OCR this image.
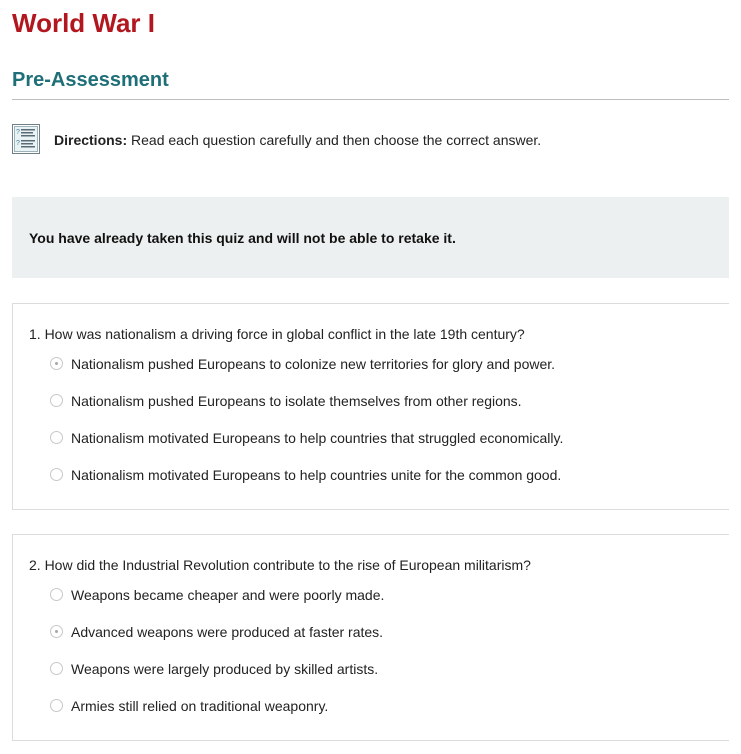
World War I
Pre-Assessment
?
? Directions: Read each question carefully and then choose the correct answer.
You have already taken this quiz and will not be able to retake it.
1. How was nationalism a driving force in global conflict in the late 19th century?
Nationalism pushed Europeans to colonize new territories for glory and power.
Nationalism pushed Europeans to isolate themselves from other regions.
Nationalism motivated Europeans to help countries that struggled economically.
Nationalism motivated Europeans to help countries unite for the common good.
2. How did the Industrial Revolution contribute to the rise of European militarism?
Weapons became cheaper and were poorly made.
Advanced weapons were produced at faster rates.
Weapons were largely produced by skilled artists.
Armies still relied on traditional weaponry.
